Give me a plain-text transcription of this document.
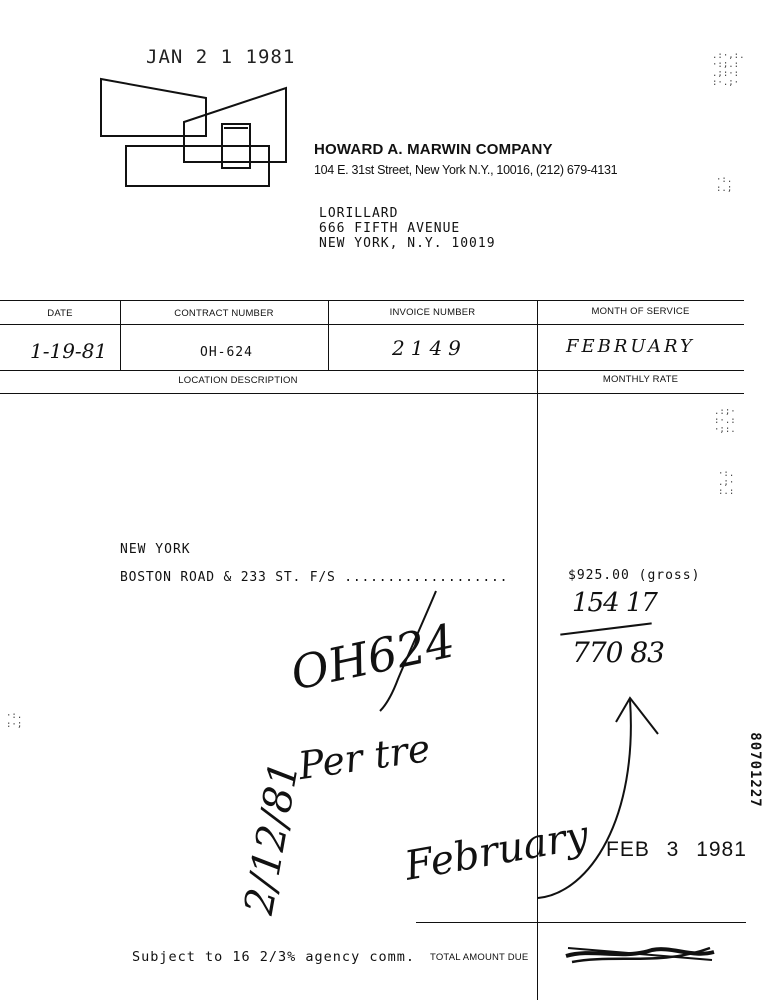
JAN 2 1 1981
HOWARD A. MARWIN COMPANY
104 E. 31st Street, New York N.Y., 10016, (212) 679-4131
LORILLARD
666 FIFTH AVENUE
NEW YORK, N.Y. 10019
DATE	CONTRACT NUMBER	INVOICE NUMBER	MONTH OF SERVICE
1-19-81	OH-624	2149	FEBRUARY
LOCATION DESCRIPTION	MONTHLY RATE
NEW YORK
BOSTON ROAD & 233 ST. F/S ...................	$925.00 (gross)
154 17
770 83
OH624
Per tre
2/12/81 February FEB 3 1981
80701227
Subject to 16 2/3% agency comm. TOTAL AMOUNT DUE
.:·,:.
·:;.:
.;:·:
:·.;·
·:.
:.;
.:;·
:·.:
·;:.
·:.
.;·
:.:
·:.
:·;
